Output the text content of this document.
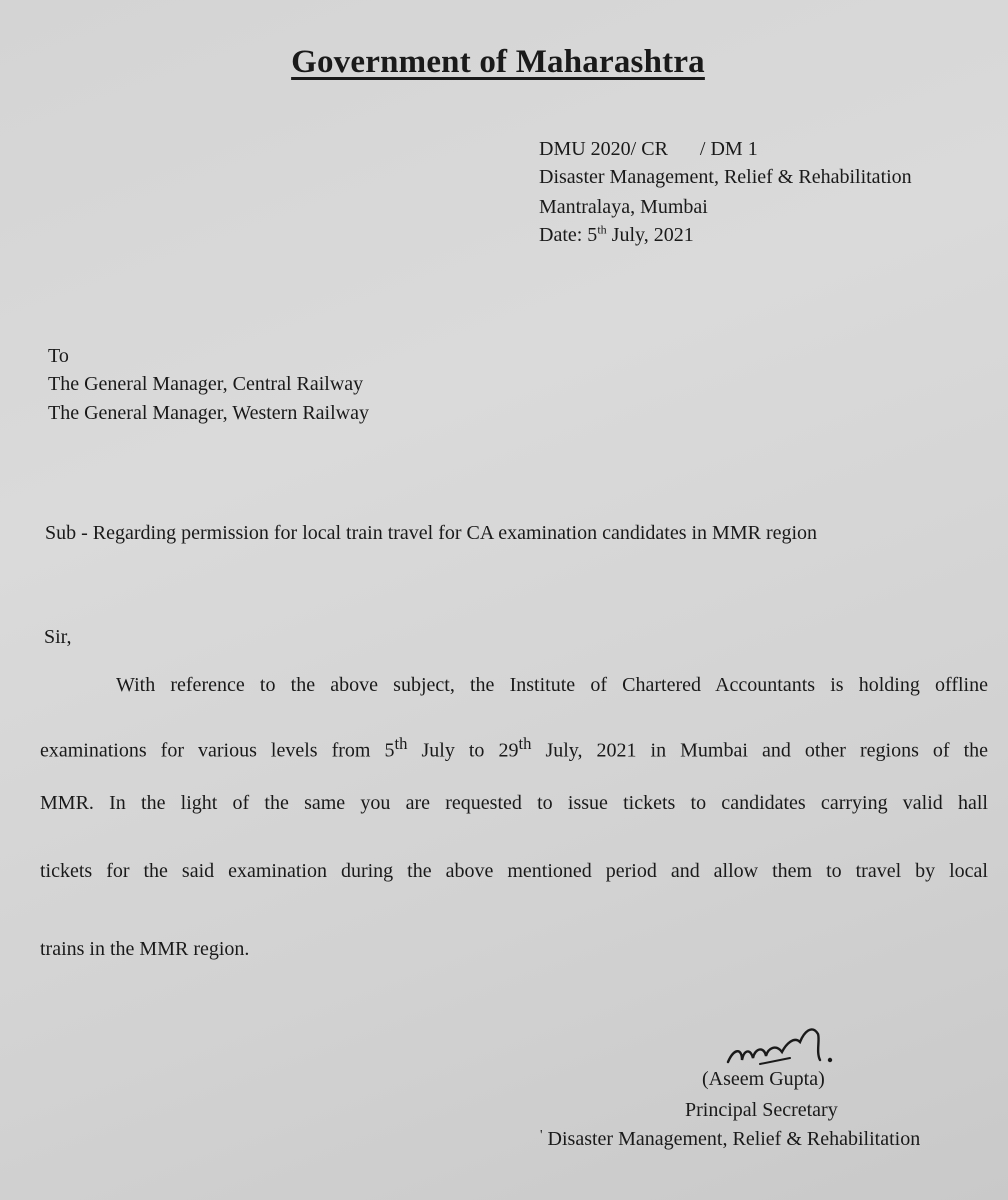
Government of Maharashtra
DMU 2020/ CR / DM 1
Disaster Management, Relief & Rehabilitation
Mantralaya, Mumbai
Date: 5th July, 2021
To
The General Manager, Central Railway
The General Manager, Western Railway
Sub - Regarding permission for local train travel for CA examination candidates in MMR region
Sir,
With reference to the above subject, the Institute of Chartered Accountants is holding offline
examinations for various levels from 5th July to 29th July, 2021 in Mumbai and other regions of the
MMR. In the light of the same you are requested to issue tickets to candidates carrying valid hall
tickets for the said examination during the above mentioned period and allow them to travel by local
trains in the MMR region.
(Aseem Gupta)
Principal Secretary
' Disaster Management, Relief & Rehabilitation
